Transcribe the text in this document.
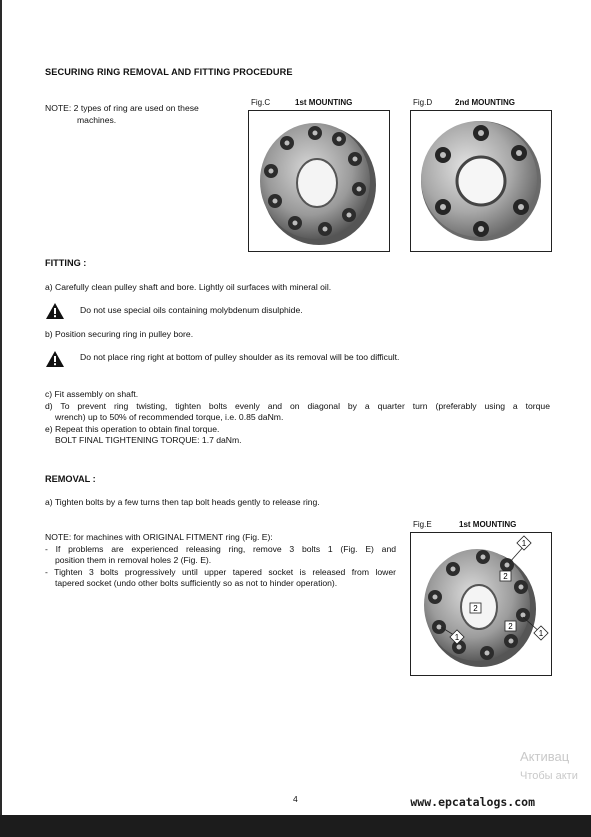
SECURING RING REMOVAL AND FITTING PROCEDURE
NOTE: 2 types of ring are used on these
machines.
Fig.C	1st MOUNTING	Fig.D	2nd MOUNTING
FITTING :
a) Carefully clean pulley shaft and bore. Lightly oil surfaces with mineral oil.
Do not use special oils containing molybdenum disulphide.
b) Position securing ring in pulley bore.
Do not place ring right at bottom of pulley shoulder as its removal will be too difficult.
c) Fit assembly on shaft.
d) To prevent ring twisting, tighten bolts evenly and on diagonal by a quarter turn (preferably using a torque
wrench) up to 50% of recommended torque, i.e. 0.85 daNm.
e) Repeat this operation to obtain final torque.
BOLT FINAL TIGHTENING TORQUE: 1.7 daNm.
REMOVAL :
a) Tighten bolts by a few turns then tap bolt heads gently to release ring.
NOTE: for machines with ORIGINAL FITMENT ring (Fig. E):
- If problems are experienced releasing ring, remove 3 bolts 1 (Fig. E) and
position them in removal holes 2 (Fig. E).
- Tighten 3 bolts progressively until upper tapered socket is released from lower
tapered socket (undo other bolts sufficiently so as not to hinder operation).
Fig.E	1st MOUNTING
1
2
1
2
2
1
Активац
Чтобы акти
4	www.epcatalogs.com
